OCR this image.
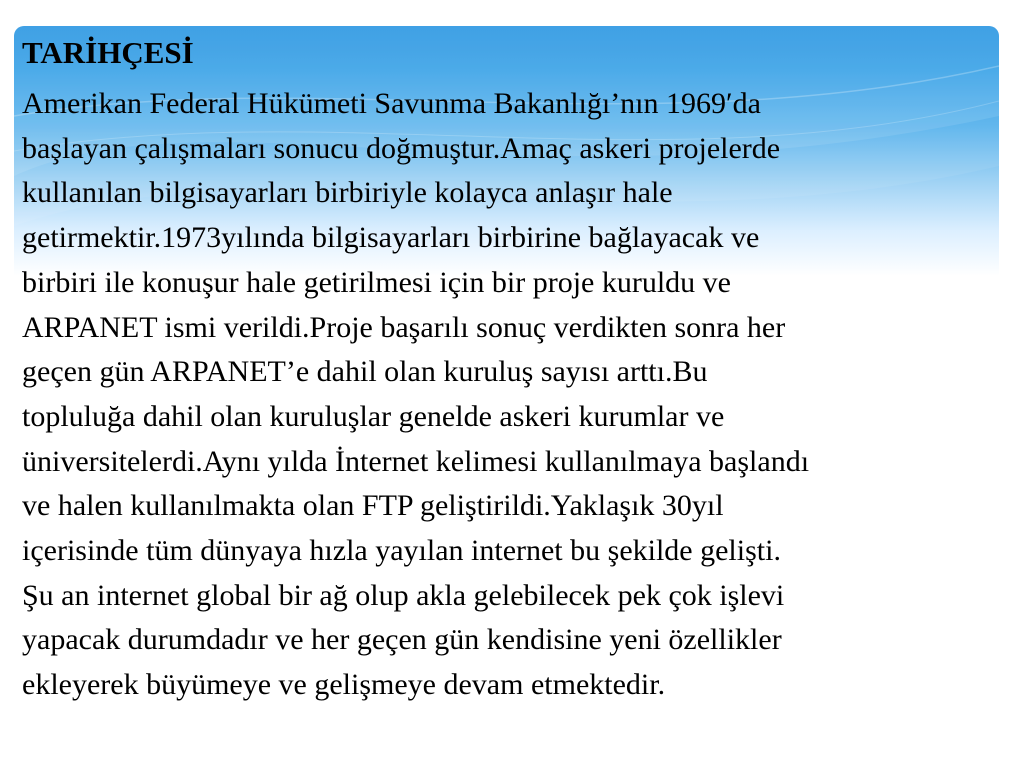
TARİHÇESİ

Amerikan Federal Hükümeti Savunma Bakanlığı’nın 1969′da

başlayan çalışmaları sonucu doğmuştur.Amaç askeri projelerde

kullanılan bilgisayarları birbiriyle kolayca anlaşır hale

getirmektir.1973yılında bilgisayarları birbirine bağlayacak ve

birbiri ile konuşur hale getirilmesi için bir proje kuruldu ve

ARPANET ismi verildi.Proje başarılı sonuç verdikten sonra her

geçen gün ARPANET’e dahil olan kuruluş sayısı arttı.Bu

topluluğa dahil olan kuruluşlar genelde askeri kurumlar ve

üniversitelerdi.Aynı yılda İnternet kelimesi kullanılmaya başlandı

ve halen kullanılmakta olan FTP geliştirildi.Yaklaşık 30yıl

içerisinde tüm dünyaya hızla yayılan internet bu şekilde gelişti.

Şu an internet global bir ağ olup akla gelebilecek pek çok işlevi

yapacak durumdadır ve her geçen gün kendisine yeni özellikler

ekleyerek büyümeye ve gelişmeye devam etmektedir.
